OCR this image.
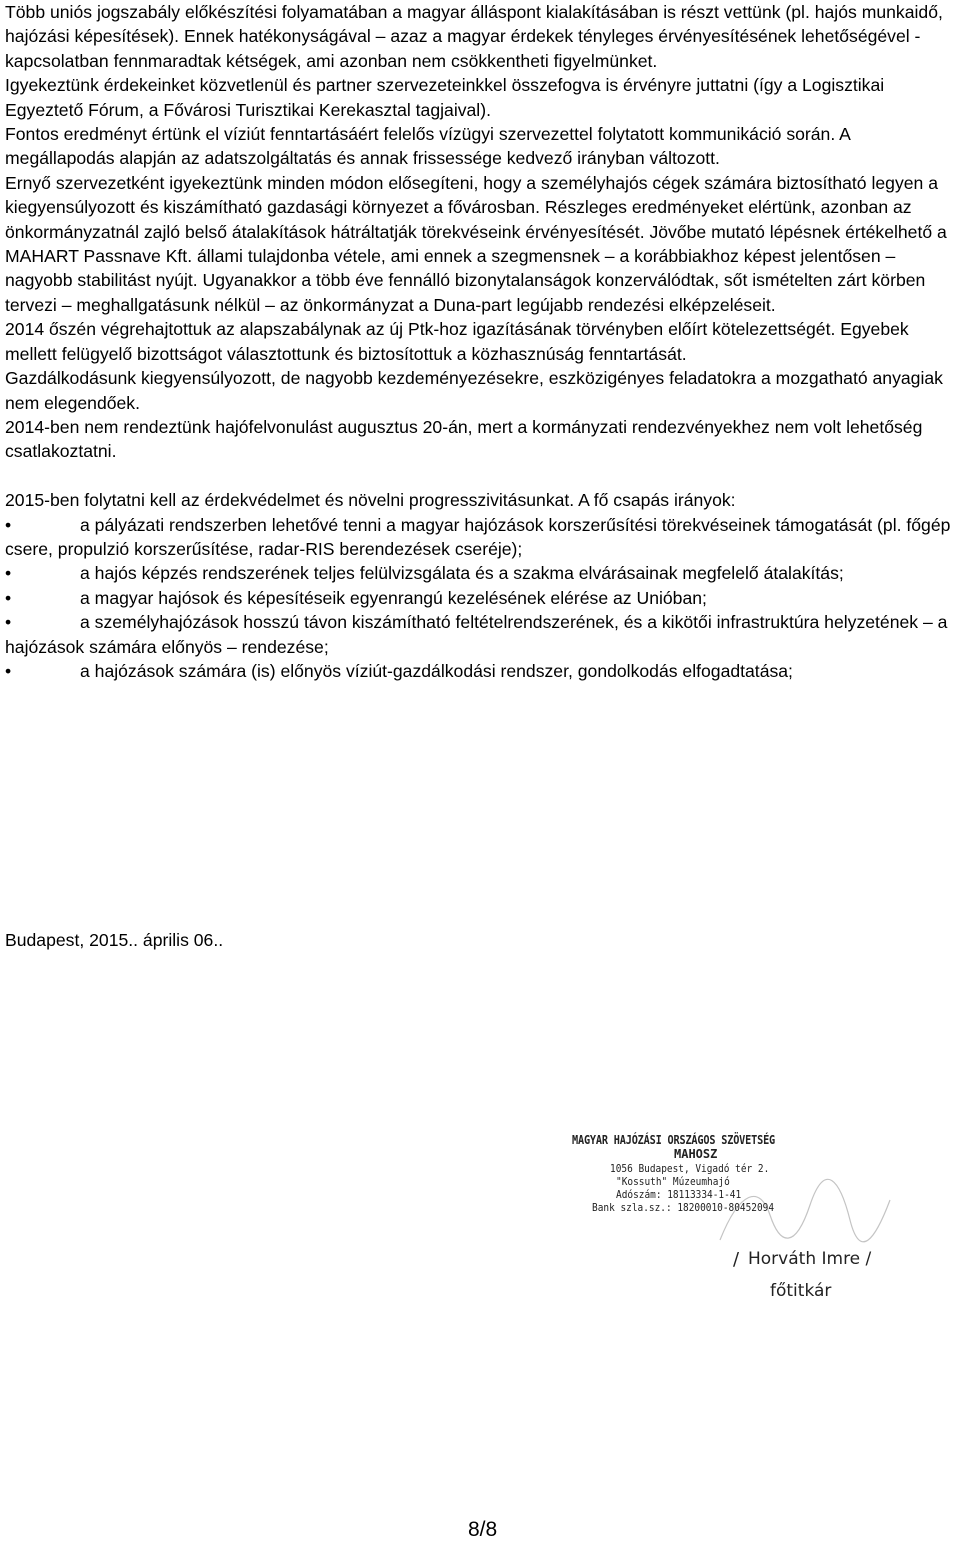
Több uniós jogszabály előkészítési folyamatában a magyar álláspont kialakításában is részt vettünk (pl. hajós munkaidő, hajózási képesítések). Ennek hatékonyságával – azaz a magyar érdekek tényleges érvényesítésének lehetőségével - kapcsolatban fennmaradtak kétségek, ami azonban nem csökkentheti figyelmünket.

Igyekeztünk érdekeinket közvetlenül és partner szervezeteinkkel összefogva is érvényre juttatni (így a Logisztikai Egyeztető Fórum, a Fővárosi Turisztikai Kerekasztal tagjaival).

Fontos eredményt értünk el víziút fenntartásáért felelős vízügyi szervezettel folytatott kommunikáció során. A megállapodás alapján az adatszolgáltatás és annak frissessége kedvező irányban változott.

Ernyő szervezetként igyekeztünk minden módon elősegíteni, hogy a személyhajós cégek számára biztosítható legyen a kiegyensúlyozott és kiszámítható gazdasági környezet a fővárosban. Részleges eredményeket elértünk, azonban az önkormányzatnál zajló belső átalakítások hátráltatják törekvéseink érvényesítését. Jövőbe mutató lépésnek értékelhető a MAHART Passnave Kft. állami tulajdonba vétele, ami ennek a szegmensnek – a korábbiakhoz képest jelentősen – nagyobb stabilitást nyújt. Ugyanakkor a több éve fennálló bizonytalanságok konzerválódtak, sőt ismételten zárt körben tervezi – meghallgatásunk nélkül – az önkormányzat a Duna-part legújabb rendezési elképzeléseit.

2014 őszén végrehajtottuk az alapszabálynak az új Ptk-hoz igazításának törvényben előírt kötelezettségét. Egyebek mellett felügyelő bizottságot választottunk és biztosítottuk a közhasznúság fenntartását.

Gazdálkodásunk kiegyensúlyozott, de nagyobb kezdeményezésekre, eszközigényes feladatokra a mozgatható anyagiak nem elegendőek.

2014-ben nem rendeztünk hajófelvonulást augusztus 20-án, mert a kormányzati rendezvényekhez nem volt lehetőség csatlakoztatni.

2015-ben folytatni kell az érdekvédelmet és növelni progresszivitásunkat. A fő csapás irányok:

•	a pályázati rendszerben lehetővé tenni a magyar hajózások korszerűsítési törekvéseinek támogatását (pl. főgép csere, propulzió korszerűsítése, radar-RIS berendezések cseréje);

•	a hajós képzés rendszerének teljes felülvizsgálata és a szakma elvárásainak megfelelő átalakítás;

•	a magyar hajósok és képesítéseik egyenrangú kezelésének elérése az Unióban;

•	a személyhajózások hosszú távon kiszámítható feltételrendszerének, és a kikötői infrastruktúra helyzetének – a hajózások számára előnyös – rendezése;

•	a hajózások számára (is) előnyös víziút-gazdálkodási rendszer, gondolkodás elfogadtatása;

Budapest, 2015.. április 06..
MAGYAR HAJÓZÁSI ORSZÁGOS SZÖVETSÉG
MAHOSZ
1056 Budapest, Vigadó tér 2.
"Kossuth" Múzeumhajó
Adószám: 18113334-1-41
Bank szla.sz.: 18200010-80452094
/ Horváth Imre /
főtitkár
8/8
